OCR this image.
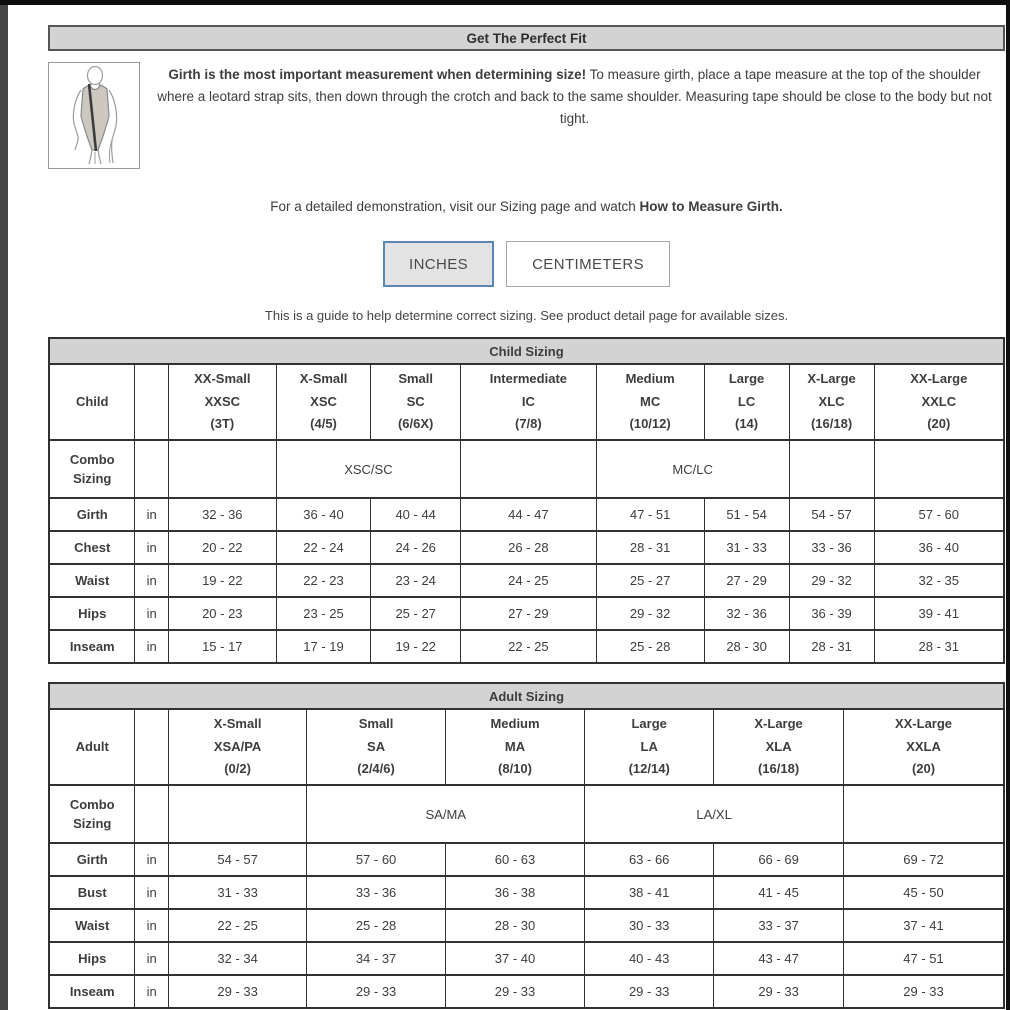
Get The Perfect Fit
Girth is the most important measurement when determining size! To measure girth, place a tape measure at the top of the shoulder where a leotard strap sits, then down through the crotch and back to the same shoulder. Measuring tape should be close to the body but not tight.
For a detailed demonstration, visit our Sizing page and watch How to Measure Girth.
INCHES	CENTIMETERS
This is a guide to help determine correct sizing. See product detail page for available sizes.
Child Sizing									
Child		XX-Small
XXSC
(3T)	X-Small
XSC
(4/5)	Small
SC
(6/6X)	Intermediate
IC
(7/8)	Medium
MC
(10/12)	Large
LC
(14)	X-Large
XLC
(16/18)	XX-Large
XXLC
(20)
Combo Sizing			XSC/SC			MC/LC			
Girth	in	32 - 36	36 - 40	40 - 44	44 - 47	47 - 51	51 - 54	54 - 57	57 - 60
Chest	in	20 - 22	22 - 24	24 - 26	26 - 28	28 - 31	31 - 33	33 - 36	36 - 40
Waist	in	19 - 22	22 - 23	23 - 24	24 - 25	25 - 27	27 - 29	29 - 32	32 - 35
Hips	in	20 - 23	23 - 25	25 - 27	27 - 29	29 - 32	32 - 36	36 - 39	39 - 41
Inseam	in	15 - 17	17 - 19	19 - 22	22 - 25	25 - 28	28 - 30	28 - 31	28 - 31
Adult Sizing							
Adult		X-Small
XSA/PA
(0/2)	Small
SA
(2/4/6)	Medium
MA
(8/10)	Large
LA
(12/14)	X-Large
XLA
(16/18)	XX-Large
XXLA
(20)
Combo Sizing			SA/MA		LA/XL		
Girth	in	54 - 57	57 - 60	60 - 63	63 - 66	66 - 69	69 - 72
Bust	in	31 - 33	33 - 36	36 - 38	38 - 41	41 - 45	45 - 50
Waist	in	22 - 25	25 - 28	28 - 30	30 - 33	33 - 37	37 - 41
Hips	in	32 - 34	34 - 37	37 - 40	40 - 43	43 - 47	47 - 51
Inseam	in	29 - 33	29 - 33	29 - 33	29 - 33	29 - 33	29 - 33
